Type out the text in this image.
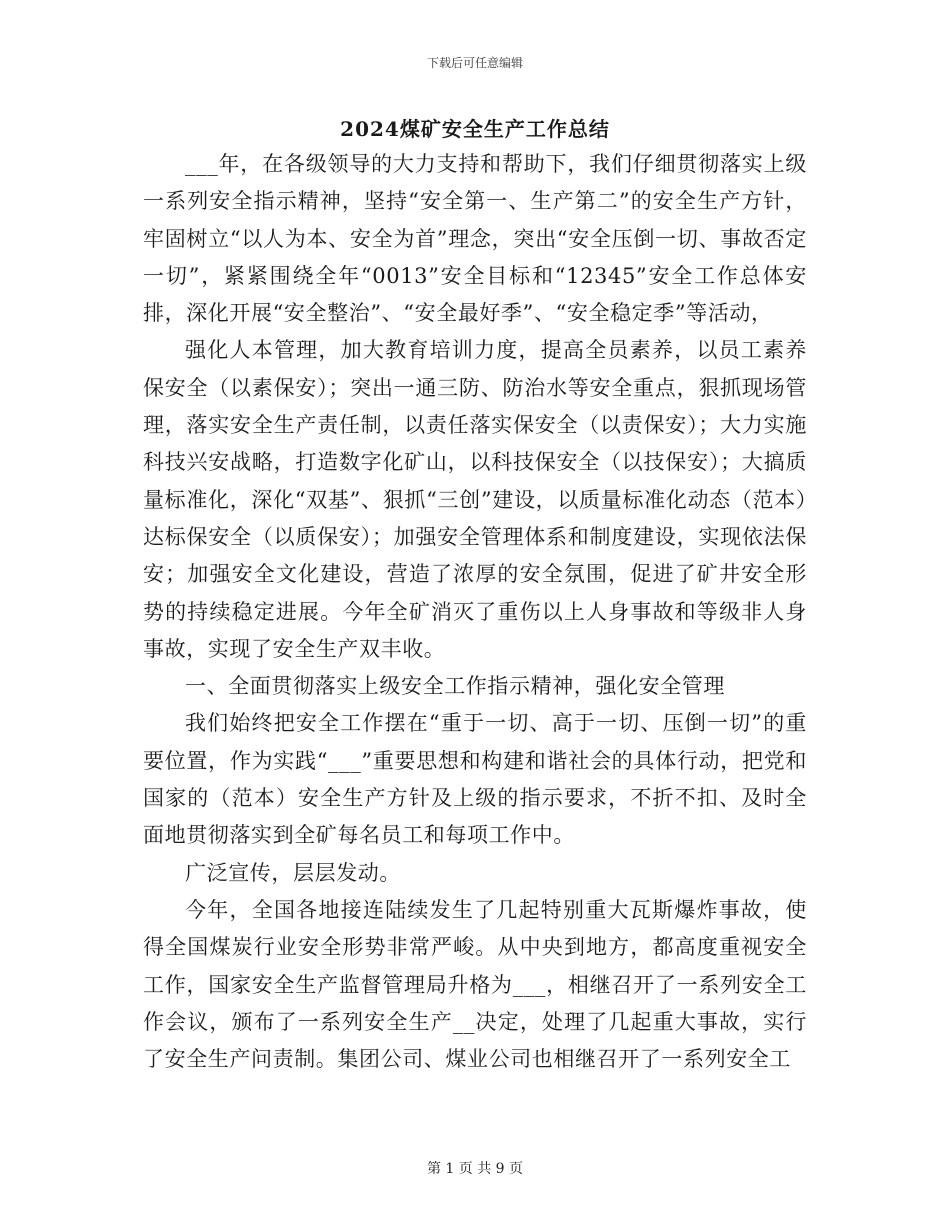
下载后可任意编辑
2024煤矿安全生产工作总结

___年，在各级领导的大力支持和帮助下，我们仔细贯彻落实上级一系列安全指示精神，坚持“安全第一、生产第二”的安全生产方针，牢固树立“以人为本、安全为首”理念，突出“安全压倒一切、事故否定一切”，紧紧围绕全年“0013”安全目标和“12345”安全工作总体安排，深化开展“安全整治”、“安全最好季”、“安全稳定季”等活动，

强化人本管理，加大教育培训力度，提高全员素养，以员工素养保安全（以素保安）；突出一通三防、防治水等安全重点，狠抓现场管理，落实安全生产责任制，以责任落实保安全（以责保安）；大力实施科技兴安战略，打造数字化矿山，以科技保安全（以技保安）；大搞质量标准化，深化“双基”、狠抓“三创”建设，以质量标准化动态（范本）达标保安全（以质保安）；加强安全管理体系和制度建设，实现依法保安；加强安全文化建设，营造了浓厚的安全氛围，促进了矿井安全形势的持续稳定进展。今年全矿消灭了重伤以上人身事故和等级非人身事故，实现了安全生产双丰收。

一、全面贯彻落实上级安全工作指示精神，强化安全管理

我们始终把安全工作摆在“重于一切、高于一切、压倒一切”的重要位置，作为实践“___”重要思想和构建和谐社会的具体行动，把党和国家的（范本）安全生产方针及上级的指示要求，不折不扣、及时全面地贯彻落实到全矿每名员工和每项工作中。

广泛宣传，层层发动。

今年，全国各地接连陆续发生了几起特别重大瓦斯爆炸事故，使得全国煤炭行业安全形势非常严峻。从中央到地方，都高度重视安全工作，国家安全生产监督管理局升格为___，相继召开了一系列安全工作会议，颁布了一系列安全生产__决定，处理了几起重大事故，实行了安全生产问责制。集团公司、煤业公司也相继召开了一系列安全工

第 1 页 共 9 页
